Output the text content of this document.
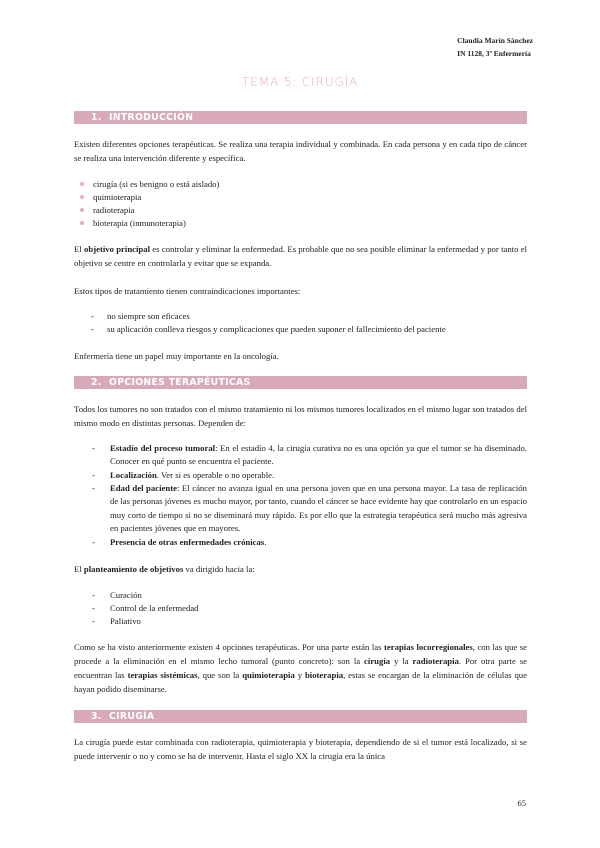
Claudia Marín Sánchez
IN 1128, 3º Enfermería
TEMA 5: CIRUGÍA
1. INTRODUCCIÓN
Existen diferentes opciones terapéuticas. Se realiza una terapia individual y combinada. En cada persona y en cada tipo de cáncer se realiza una intervención diferente y específica.
cirugía (si es benigno o está aislado)
quimioterapia
radioterapia
bioterapia (inmunoterapia)
El objetivo principal es controlar y eliminar la enfermedad. Es probable que no sea posible eliminar la enfermedad y por tanto el objetivo se centre en controlarla y evitar que se expanda.
Estos tipos de tratamiento tienen contraindicaciones importantes:
- no siempre son eficaces
- su aplicación conlleva riesgos y complicaciones que pueden suponer el fallecimiento del paciente
Enfermería tiene un papel muy importante en la oncología.
2. OPCIONES TERAPÉUTICAS
Todos los tumores no son tratados con el mismo tratamiento ni los mismos tumores localizados en el mismo lugar son tratados del mismo modo en distintas personas. Dependen de:
- Estadío del proceso tumoral: En el estadío 4, la cirugía curativa no es una opción ya que el tumor se ha diseminado. Conocer en qué punto se encuentra el paciente.
- Localización. Ver si es operable o no operable.
- Edad del paciente: El cáncer no avanza igual en una persona joven que en una persona mayor. La tasa de replicación de las personas jóvenes es mucho mayor, por tanto, cuando el cáncer se hace evidente hay que controlarlo en un espacio muy corto de tiempo si no se diseminará muy rápido. Es por ello que la estrategia terapéutica será mucho más agresiva en pacientes jóvenes que en mayores.
- Presencia de otras enfermedades crónicas.
El planteamiento de objetivos va dirigido hacia la:
- Curación
- Control de la enfermedad
- Paliativo
Como se ha visto anteriormente existen 4 opciones terapéuticas. Por una parte están las terapias locorregionales, con las que se procede a la eliminación en el mismo lecho tumoral (punto concreto): son la cirugía y la radioterapia. Por otra parte se encuentran las terapias sistémicas, que son la quimioterapia y bioterapia, estas se encargan de la eliminación de células que hayan podido diseminarse.
3. CIRUGÍA
La cirugía puede estar combinada con radioterapia, quimioterapia y bioterapia, dependiendo de si el tumor está localizado, si se puede intervenir o no y como se ha de intervenir. Hasta el siglo XX la cirugía era la única
65
